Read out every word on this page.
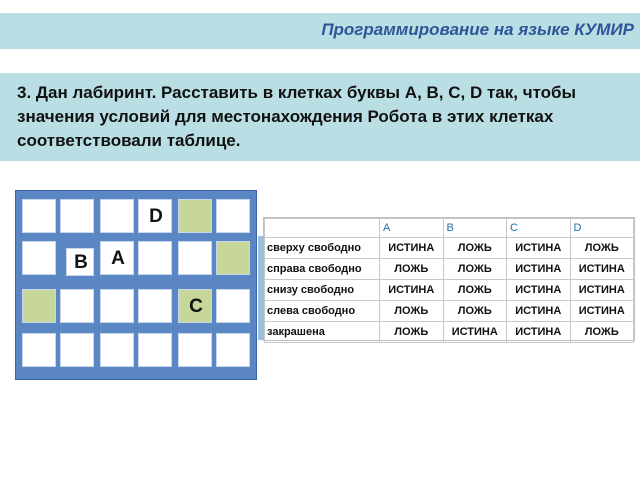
Программирование на языке КУМИР
3. Дан лабиринт. Расставить в клетках буквы А, В, С, D так, чтобы значения условий для местонахождения Робота в этих клетках соответствовали таблице.
D
B	A
C
	A	B	C	D
сверху свободно	ИСТИНА	ЛОЖЬ	ИСТИНА	ЛОЖЬ
справа свободно	ЛОЖЬ	ЛОЖЬ	ИСТИНА	ИСТИНА
снизу свободно	ИСТИНА	ЛОЖЬ	ИСТИНА	ИСТИНА
слева свободно	ЛОЖЬ	ЛОЖЬ	ИСТИНА	ИСТИНА
закрашена	ЛОЖЬ	ИСТИНА	ИСТИНА	ЛОЖЬ
